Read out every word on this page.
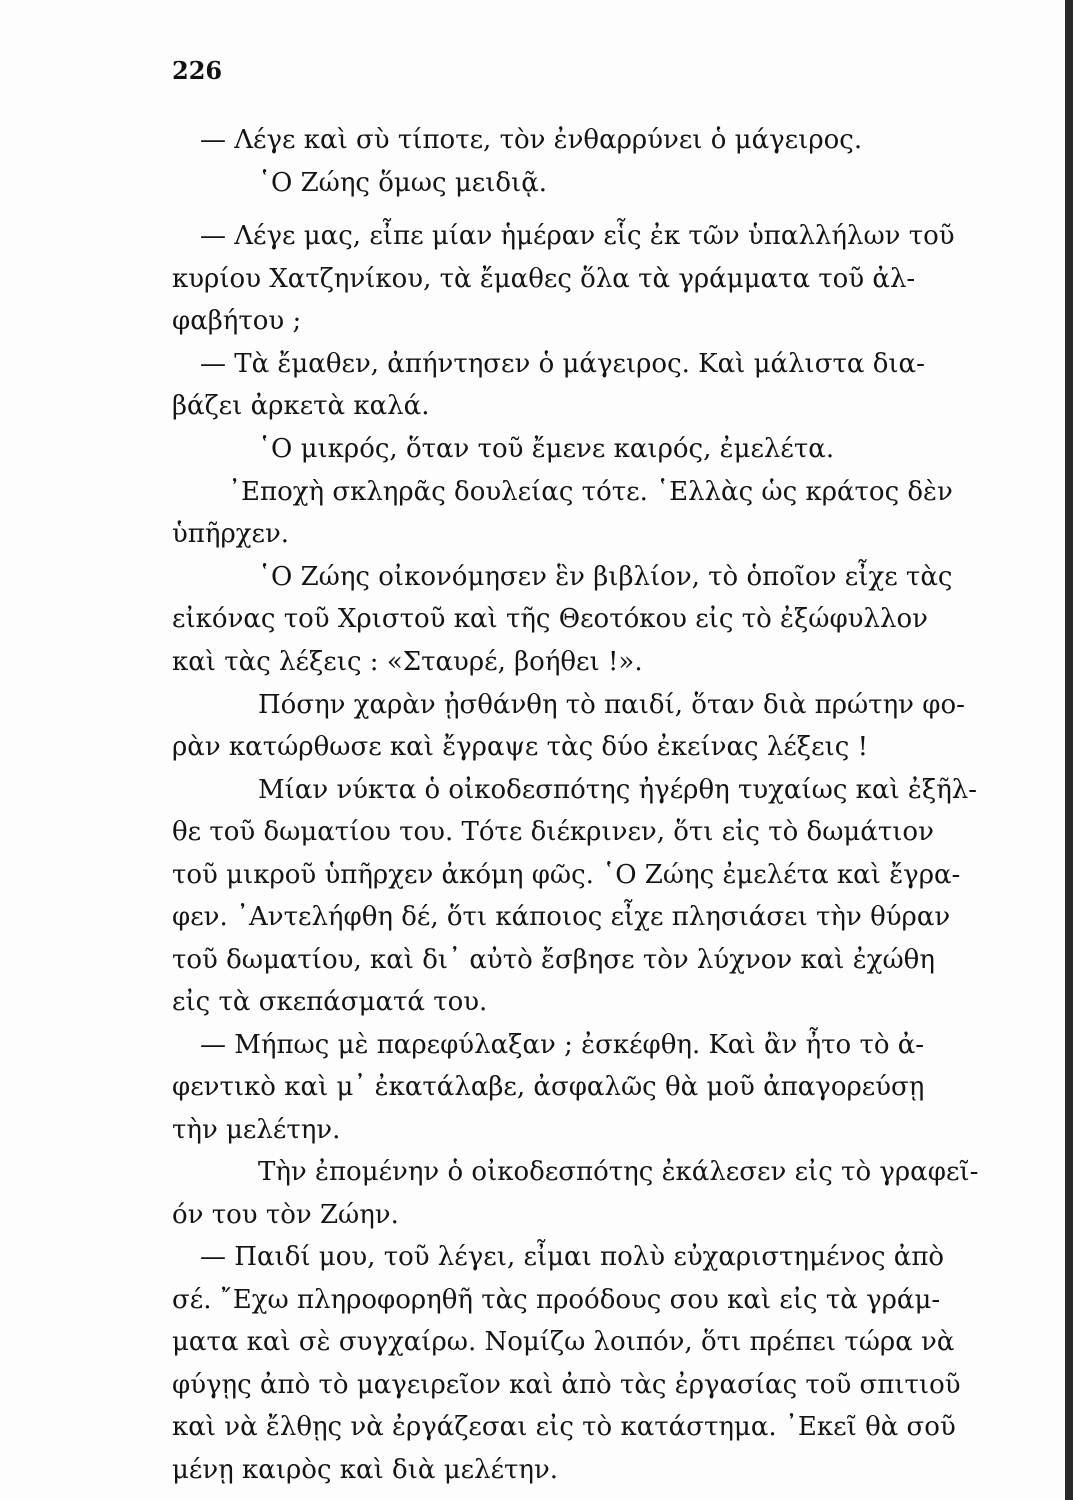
226
— Λέγε καὶ σὺ τίποτε, τὸν ἐνθαρρύνει ὁ μάγειρος.
῾Ο Ζώης ὅμως μειδιᾷ.
— Λέγε μας, εἶπε μίαν ἡμέραν εἷς ἐκ τῶν ὑπαλλήλων τοῦ
κυρίου Χατζηνίκου, τὰ ἔμαθες ὅλα τὰ γράμματα τοῦ ἀλ-
φαβήτου ;
— Τὰ ἔμαθεν, ἀπήντησεν ὁ μάγειρος. Καὶ μάλιστα δια-
βάζει ἀρκετὰ καλά.
῾Ο μικρός, ὅταν τοῦ ἔμενε καιρός, ἐμελέτα.
᾿Εποχὴ σκληρᾶς δουλείας τότε. ῾Ελλὰς ὡς κράτος δὲν
ὑπῆρχεν.
῾Ο Ζώης οἰκονόμησεν ἓν βιβλίον, τὸ ὁποῖον εἶχε τὰς
εἰκόνας τοῦ Χριστοῦ καὶ τῆς Θεοτόκου εἰς τὸ ἐξώφυλλον
καὶ τὰς λέξεις : «Σταυρέ, βοήθει !».
Πόσην χαρὰν ᾐσθάνθη τὸ παιδί, ὅταν διὰ πρώτην φο-
ρὰν κατώρθωσε καὶ ἔγραψε τὰς δύο ἐκείνας λέξεις !
Μίαν νύκτα ὁ οἰκοδεσπότης ἠγέρθη τυχαίως καὶ ἐξῆλ-
θε τοῦ δωματίου του. Τότε διέκρινεν, ὅτι εἰς τὸ δωμάτιον
τοῦ μικροῦ ὑπῆρχεν ἀκόμη φῶς. ῾Ο Ζώης ἐμελέτα καὶ ἔγρα-
φεν. ᾿Αντελήφθη δέ, ὅτι κάποιος εἶχε πλησιάσει τὴν θύραν
τοῦ δωματίου, καὶ δι᾿ αὐτὸ ἔσβησε τὸν λύχνον καὶ ἐχώθη
εἰς τὰ σκεπάσματά του.
— Μήπως μὲ παρεφύλαξαν ; ἐσκέφθη. Καὶ ἂν ἦτο τὸ ἀ-
φεντικὸ καὶ μ᾿ ἐκατάλαβε, ἀσφαλῶς θὰ μοῦ ἀπαγορεύσῃ
τὴν μελέτην.
Τὴν ἐπομένην ὁ οἰκοδεσπότης ἐκάλεσεν εἰς τὸ γραφεῖ-
όν του τὸν Ζώην.
— Παιδί μου, τοῦ λέγει, εἶμαι πολὺ εὐχαριστημένος ἀπὸ
σέ. ῎Εχω πληροφορηθῆ τὰς προόδους σου καὶ εἰς τὰ γράμ-
ματα καὶ σὲ συγχαίρω. Νομίζω λοιπόν, ὅτι πρέπει τώρα νὰ
φύγῃς ἀπὸ τὸ μαγειρεῖον καὶ ἀπὸ τὰς ἐργασίας τοῦ σπιτιοῦ
καὶ νὰ ἔλθῃς νὰ ἐργάζεσαι εἰς τὸ κατάστημα. ᾿Εκεῖ θὰ σοῦ
μένῃ καιρὸς καὶ διὰ μελέτην.
